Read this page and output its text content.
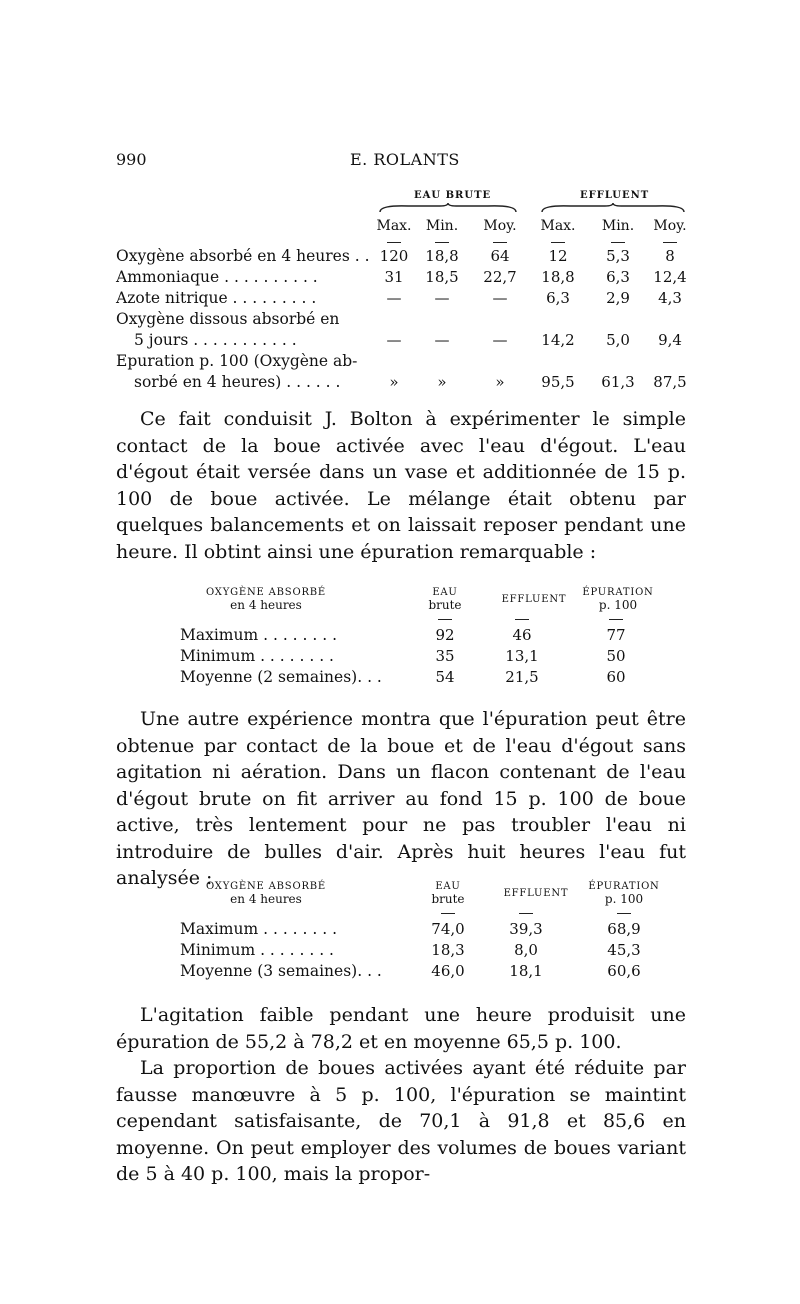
990	E. ROLANTS
EAU BRUTE	EFFLUENT
Max.	Min.	Moy.	Max.	Min.	Moy.
Oxygène absorbé en 4 heures . . 120	18,8	64	12	5,3	8
Ammoniaque . . . . . . . . . .	31	18,5	22,7	18,8	6,3	12,4
Azote nitrique . . . . . . . . .	—	—	—	6,3	2,9	4,3
Oxygène dissous absorbé en
5 jours . . . . . . . . . . .	—	—	—	14,2	5,0	9,4
Epuration p. 100 (Oxygène ab-
sorbé en 4 heures) . . . . . .	»	»	»	95,5	61,3	87,5
Ce fait conduisit J. Bolton à expérimenter le simple contact de la boue activée avec l'eau d'égout. L'eau d'égout était versée dans un vase et additionnée de 15 p. 100 de boue activée. Le mélange était obtenu par quelques balancements et on laissait reposer pendant une heure. Il obtint ainsi une épuration remarquable :
OXYGÈNE ABSORBÉ
en 4 heures
EAU
brute	EFFLUENT
ÉPURATION
p. 100
Maximum . . . . . . . .	92	46	77
Minimum . . . . . . . .	35	13,1	50
Moyenne (2 semaines). . .	54	21,5	60
Une autre expérience montra que l'épuration peut être obtenue par contact de la boue et de l'eau d'égout sans agitation ni aération. Dans un flacon contenant de l'eau d'égout brute on fit arriver au fond 15 p. 100 de boue active, très lentement pour ne pas troubler l'eau ni introduire de bulles d'air. Après huit heures l'eau fut analysée :
OXYGÈNE ABSORBÉ
en 4 heures
EAU
brute	EFFLUENT
ÉPURATION
p. 100
Maximum . . . . . . . .	74,0	39,3	68,9
Minimum . . . . . . . .	18,3	8,0	45,3
Moyenne (3 semaines). . .	46,0	18,1	60,6
L'agitation faible pendant une heure produisit une épuration de 55,2 à 78,2 et en moyenne 65,5 p. 100.
La proportion de boues activées ayant été réduite par fausse manœuvre à 5 p. 100, l'épuration se maintint cependant satisfaisante, de 70,1 à 91,8 et 85,6 en moyenne. On peut employer des volumes de boues variant de 5 à 40 p. 100, mais la propor-
